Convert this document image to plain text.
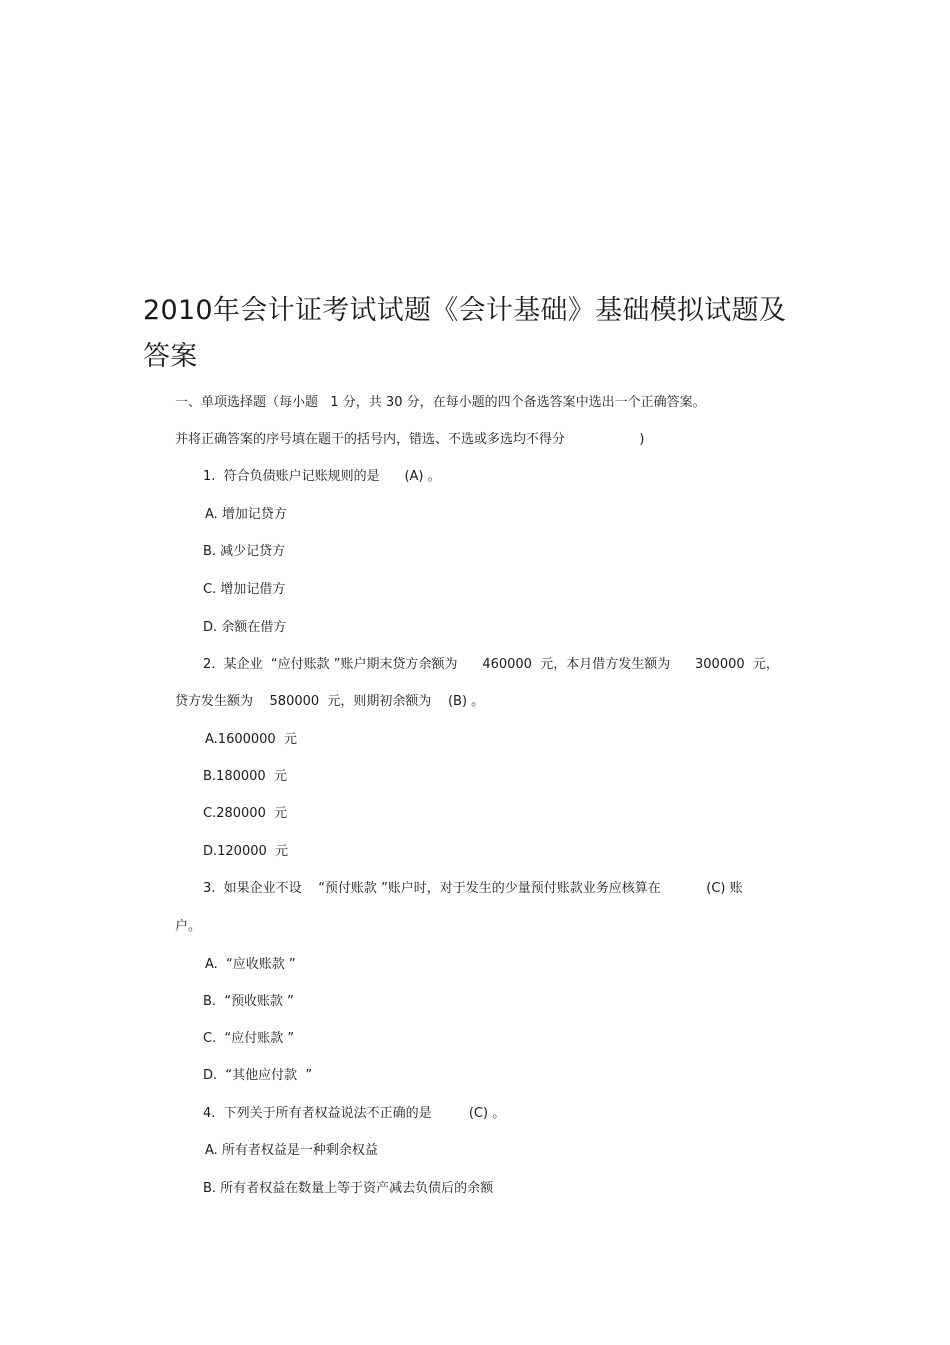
2010年会计证考试试题《会计基础》基础模拟试题及答案
一、单项选择题（每小题   1 分，共 30 分，在每小题的四个备选答案中选出一个正确答案。
并将正确答案的序号填在题干的括号内，错选、不选或多选均不得分                  )
1.  符合负债账户记账规则的是      (A) 。
A. 增加记贷方
B. 减少记贷方
C. 增加记借方
D. 余额在借方
2.  某企业  “应付账款 ”账户期末贷方余额为      460000  元，本月借方发生额为      300000  元，
贷方发生额为    580000  元，则期初余额为    (B) 。
A.1600000  元
B.180000  元
C.280000  元
D.120000  元
3.  如果企业不设    “预付账款 ”账户时，对于发生的少量预付账款业务应核算在           (C) 账
户。
A.  “应收账款 ”
B.  “预收账款 ”
C.  “应付账款 ”
D.  “其他应付款  ”
4.  下列关于所有者权益说法不正确的是         (C) 。
A. 所有者权益是一种剩余权益
B. 所有者权益在数量上等于资产减去负债后的余额
